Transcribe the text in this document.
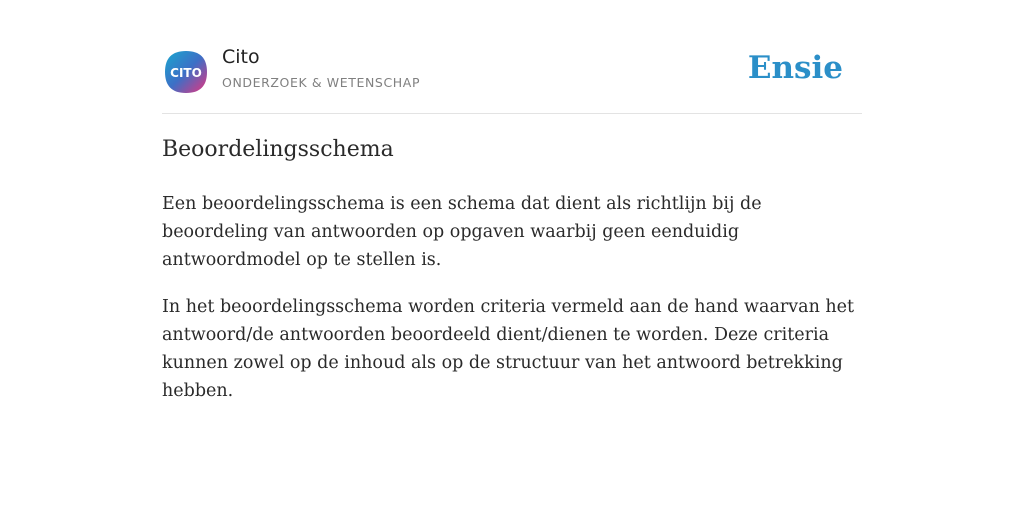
CITO
Cito
ONDERZOEK & WETENSCHAP	Ensie
Beoordelingsschema

Een beoordelingsschema is een schema dat dient als richtlijn bij de beoordeling van antwoorden op opgaven waarbij geen eenduidig antwoordmodel op te stellen is.

In het beoordelingsschema worden criteria vermeld aan de hand waarvan het antwoord/de antwoorden beoordeeld dient/dienen te worden. Deze criteria kunnen zowel op de inhoud als op de structuur van het antwoord betrekking hebben.
